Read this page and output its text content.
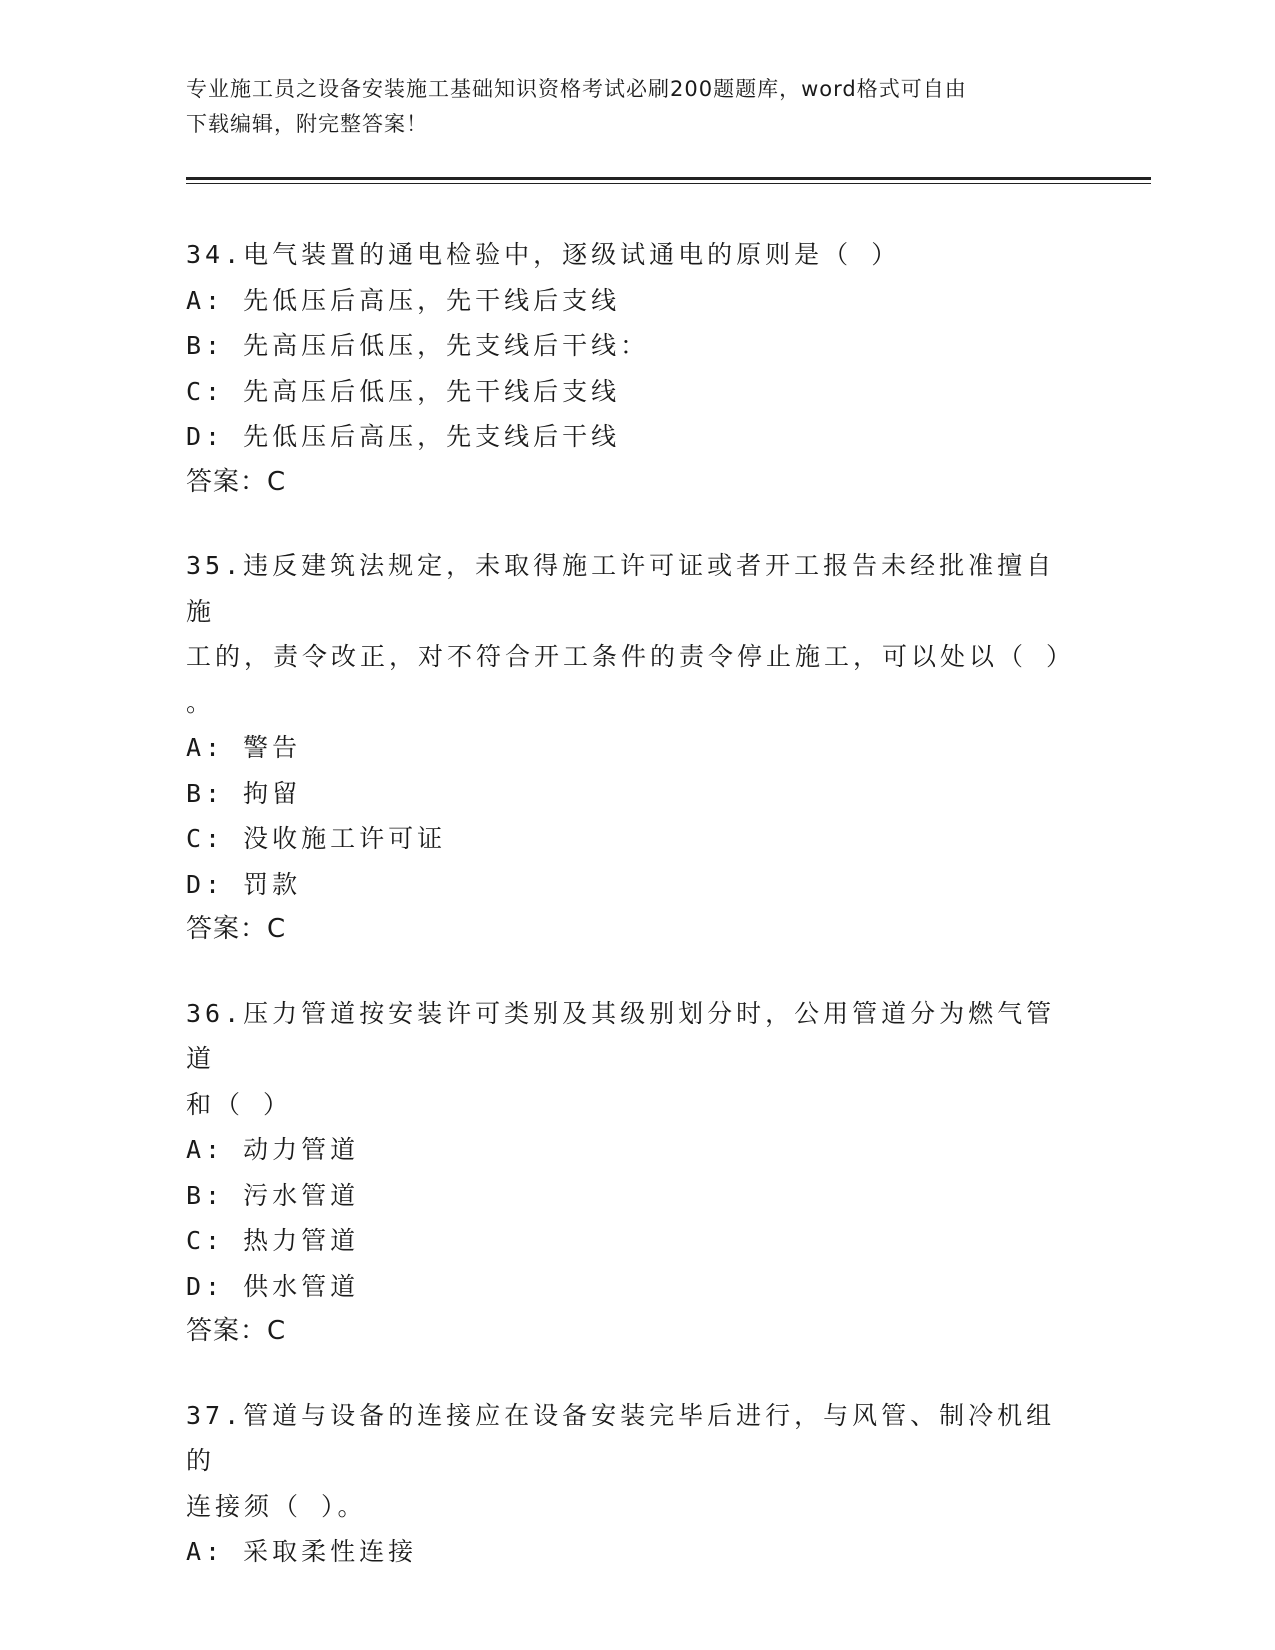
专业施工员之设备安装施工基础知识资格考试必刷200题题库，word格式可自由
下载编辑，附完整答案！
34.电气装置的通电检验中，逐级试通电的原则是（ ）
A: 先低压后高压，先干线后支线
B: 先高压后低压，先支线后干线：
C: 先高压后低压，先干线后支线
D: 先低压后高压，先支线后干线
答案：C
35.违反建筑法规定，未取得施工许可证或者开工报告未经批准擅自施
工的，责令改正，对不符合开工条件的责令停止施工，可以处以（ ）
。
A: 警告
B: 拘留
C: 没收施工许可证
D: 罚款
答案：C
36.压力管道按安装许可类别及其级别划分时，公用管道分为燃气管道
和（ ）
A: 动力管道
B: 污水管道
C: 热力管道
D: 供水管道
答案：C
37.管道与设备的连接应在设备安装完毕后进行，与风管、制冷机组的
连接须（ ）。
A: 采取柔性连接
